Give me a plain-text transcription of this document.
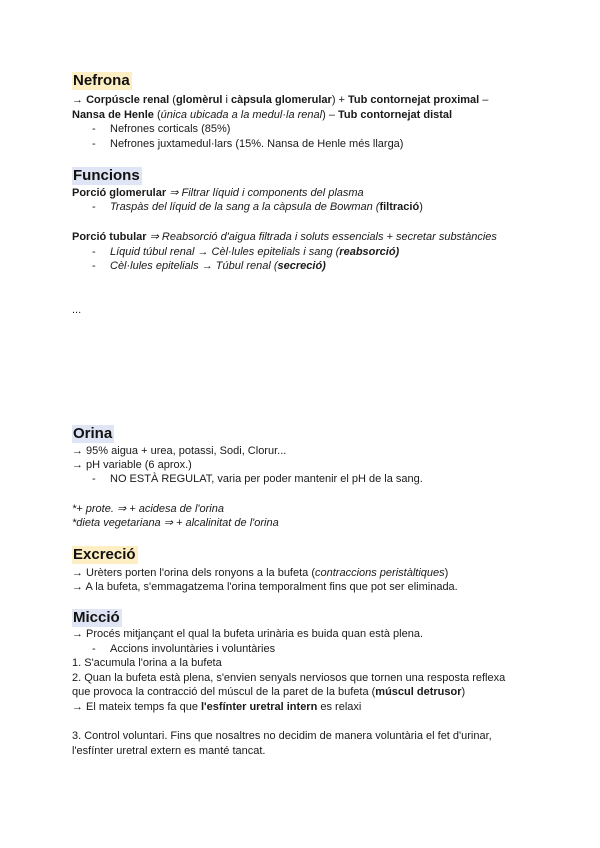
Nefrona
→ Corpúscle renal (glomèrul i càpsula glomerular) + Tub contornejat proximal –
Nansa de Henle (única ubicada a la medul·la renal) – Tub contornejat distal
- Nefrones corticals (85%)
- Nefrones juxtamedul·lars (15%. Nansa de Henle més llarga)
Funcions
Porció glomerular ⇒ Filtrar líquid i components del plasma
- Traspàs del líquid de la sang a la càpsula de Bowman (filtració)
Porció tubular ⇒ Reabsorció d'aigua filtrada i soluts essencials + secretar substàncies
- Líquid túbul renal → Cèl·lules epitelials i sang (reabsorció)
- Cèl·lules epitelials → Túbul renal (secreció)
...
Orina
→ 95% aigua + urea, potassi, Sodi, Clorur...
→ pH variable (6 aprox.)
- NO ESTÀ REGULAT, varia per poder mantenir el pH de la sang.
*+ prote. ⇒ + acidesa de l'orina
*dieta vegetariana ⇒ + alcalinitat de l'orina
Excreció
→ Urèters porten l'orina dels ronyons a la bufeta (contraccions peristàltiques)
→ A la bufeta, s'emmagatzema l'orina temporalment fins que pot ser eliminada.
Micció
→ Procés mitjançant el qual la bufeta urinària es buida quan està plena.
- Accions involuntàries i voluntàries
1. S'acumula l'orina a la bufeta
2. Quan la bufeta està plena, s'envien senyals nerviosos que tornen una resposta reflexa
que provoca la contracció del múscul de la paret de la bufeta (múscul detrusor)
→ El mateix temps fa que l'esfínter uretral intern es relaxi
3. Control voluntari. Fins que nosaltres no decidim de manera voluntària el fet d'urinar,
l'esfínter uretral extern es manté tancat.
